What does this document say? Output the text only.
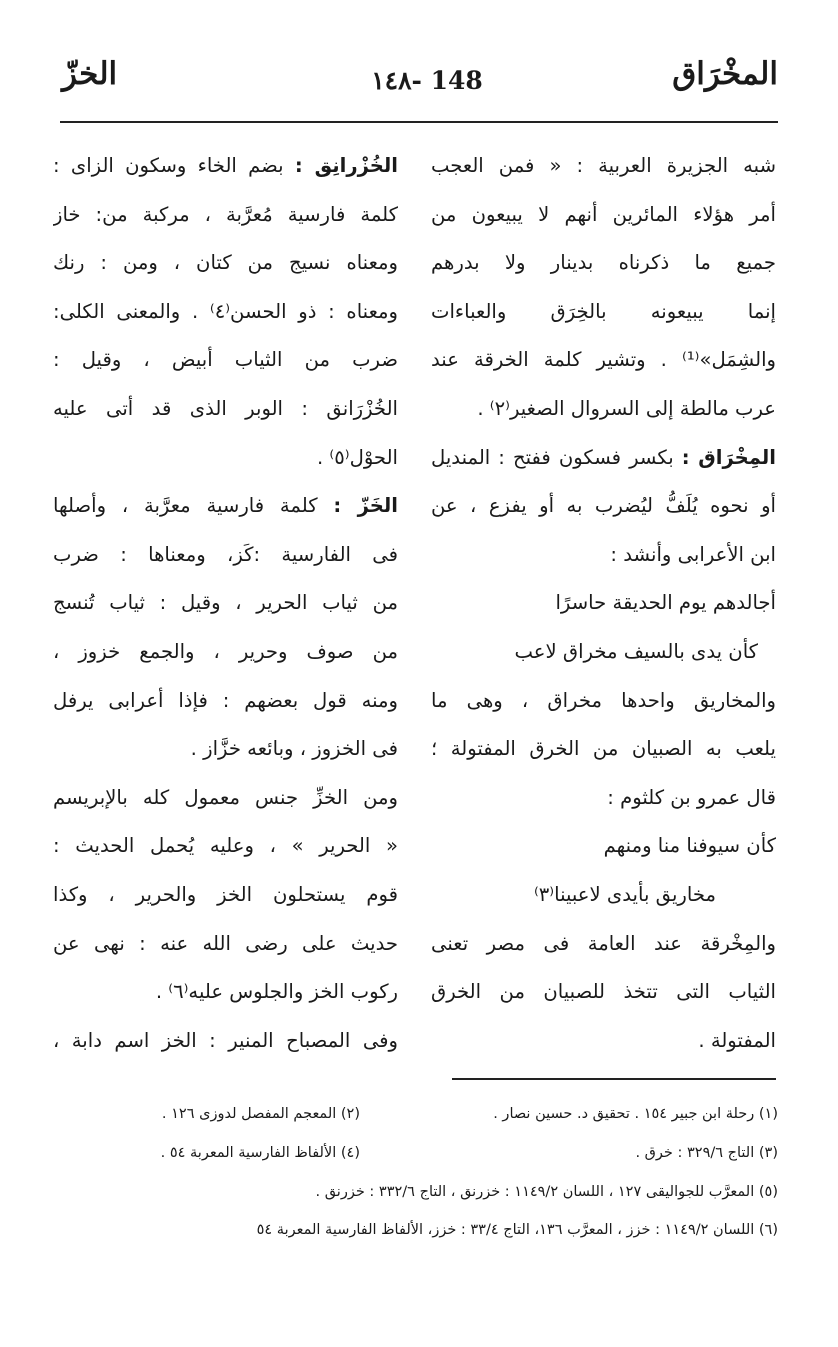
المخْرَاق
١٤٨- 148
الخزّ
شبه الجزيرة العربية : « فمن العجب
أمر هؤلاء المائرين أنهم لا يبيعون من
جميع ما ذكرناه بدينار ولا بدرهم
إنما يبيعونه بالخِرَق والعباءات
والشِمَل»⁽¹⁾ . وتشير كلمة الخرقة عند
عرب مالطة إلى السروال الصغير⁽٢⁾ .
المِخْرَاق : بكسر فسكون ففتح : المنديل
أو نحوه يُلَفُّ ليُضرب به أو يفزع ، عن
ابن الأعرابى وأنشد :
أجالدهم يوم الحديقة حاسرًا
كأن يدى بالسيف مخراق لاعب
والمخاريق واحدها مخراق ، وهى ما
يلعب به الصبيان من الخرق المفتولة ؛
قال عمرو بن كلثوم :
كأن سيوفنا منا ومنهم
مخاريق بأيدى لاعبينا⁽٣⁾
والمِخْرقة عند العامة فى مصر تعنى
الثياب التى تتخذ للصبيان من الخرق
المفتولة .
الخُزْرانِق : بضم الخاء وسكون الزاى :
كلمة فارسية مُعرَّبة ، مركبة من: خاز
ومعناه نسيج من كتان ، ومن : رنك
ومعناه : ذو الحسن⁽٤⁾ . والمعنى الكلى:
ضرب من الثياب أبيض ، وقيل :
الخُزْرَانق : الوبر الذى قد أتى عليه
الحوْل⁽٥⁾ .
الخَزّ : كلمة فارسية معرَّبة ، وأصلها
فى الفارسية :كَز، ومعناها : ضرب
من ثياب الحرير ، وقيل : ثياب تُنسج
من صوف وحرير ، والجمع خزوز ،
ومنه قول بعضهم : فإذا أعرابى يرفل
فى الخزوز ، وبائعه خزَّاز .
ومن الخزِّ جنس معمول كله بالإبريسم
« الحرير » ، وعليه يُحمل الحديث :
قوم يستحلون الخز والحرير ، وكذا
حديث على رضى الله عنه : نهى عن
ركوب الخز والجلوس عليه⁽٦⁾ .
وفى المصباح المنير : الخز اسم دابة ،
(١) رحلة ابن جبير ١٥٤ . تحقيق د. حسين نصار .
(٢) المعجم المفصل لدوزى ١٢٦ .
(٣) التاج ٣٢٩/٦ : خرق .
(٤) الألفاظ الفارسية المعربة ٥٤ .
(٥) المعرَّب للجواليقى ١٢٧ ، اللسان ١١٤٩/٢ : خزرنق ، التاج ٣٣٢/٦ : خزرنق .
(٦) اللسان ١١٤٩/٢ : خزز ، المعرَّب ١٣٦، التاج ٣٣/٤ : خزز، الألفاظ الفارسية المعربة ٥٤
